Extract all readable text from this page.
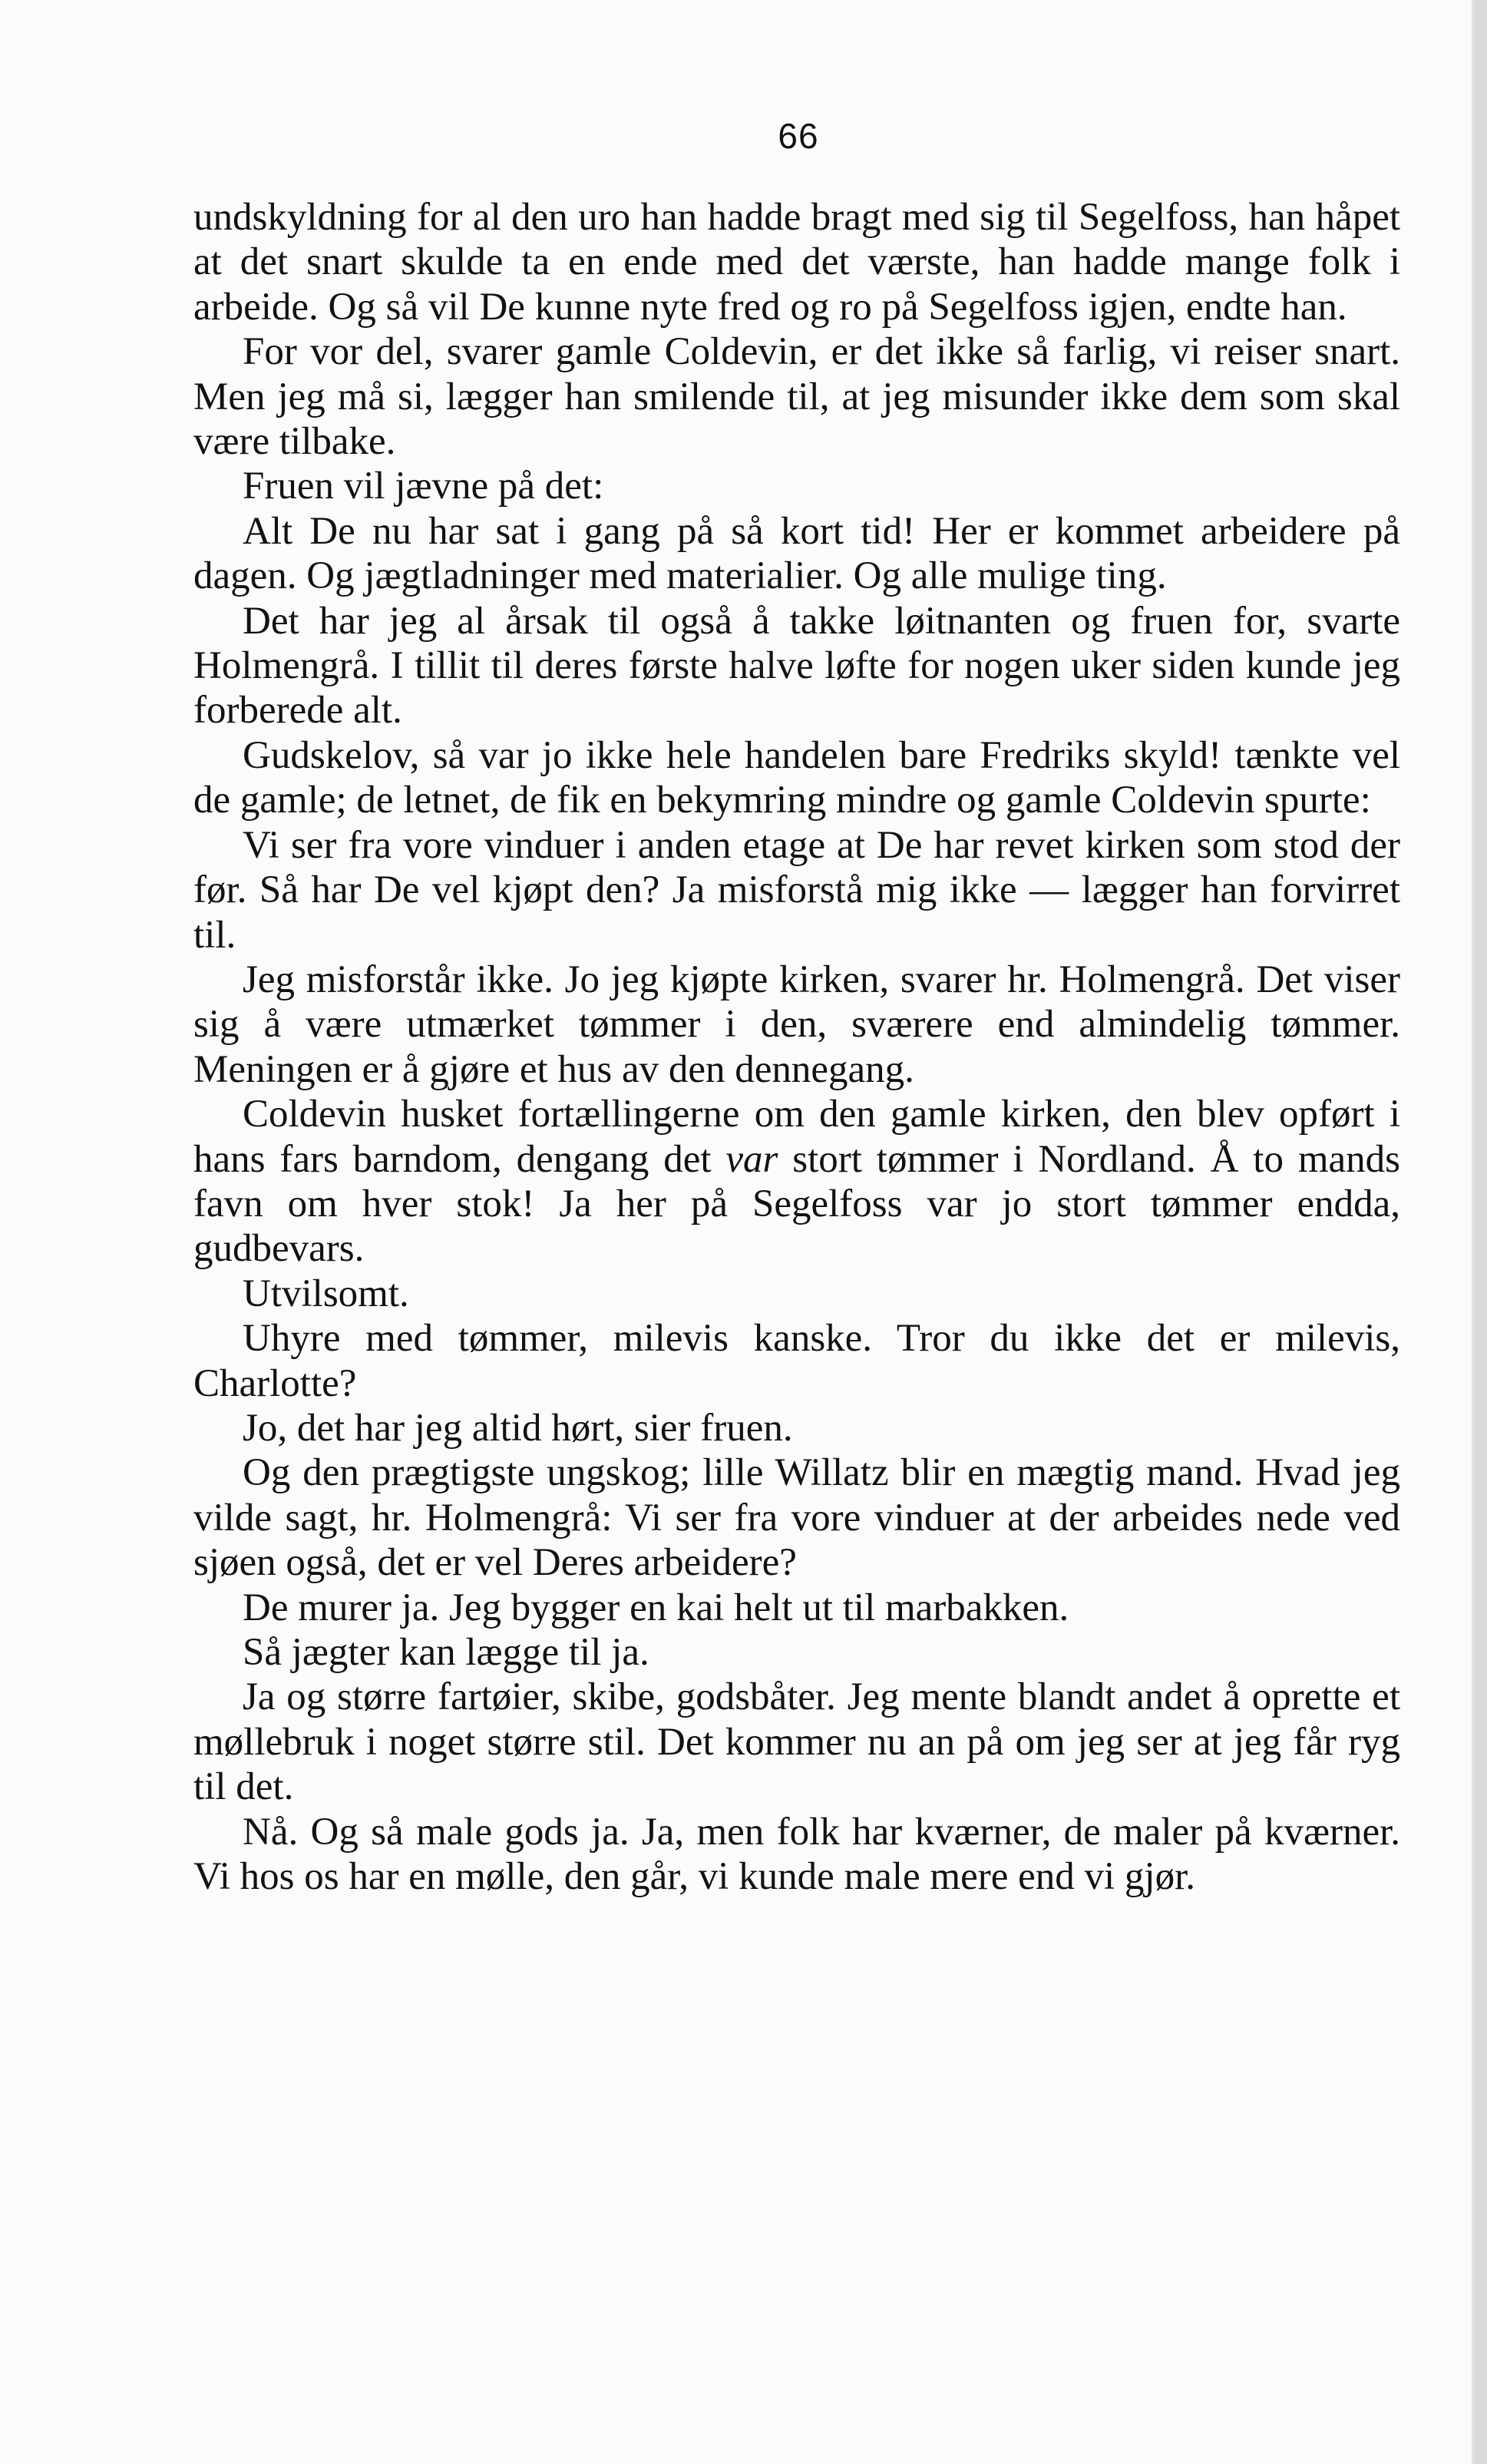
66

undskyldning for al den uro han hadde bragt med sig til Segelfoss, han håpet at det snart skulde ta en ende med det værste, han hadde mange folk i arbeide. Og så vil De kunne nyte fred og ro på Segelfoss igjen, endte han.

For vor del, svarer gamle Coldevin, er det ikke så farlig, vi reiser snart. Men jeg må si, lægger han smilende til, at jeg misunder ikke dem som skal være tilbake.

Fruen vil jævne på det:

Alt De nu har sat i gang på så kort tid! Her er kommet arbeidere på dagen. Og jægtladninger med materialier. Og alle mulige ting.

Det har jeg al årsak til også å takke løitnanten og fruen for, svarte Holmengrå. I tillit til deres første halve løfte for nogen uker siden kunde jeg forberede alt.

Gudskelov, så var jo ikke hele handelen bare Fredriks skyld! tænkte vel de gamle; de letnet, de fik en bekymring mindre og gamle Coldevin spurte:

Vi ser fra vore vinduer i anden etage at De har revet kirken som stod der før. Så har De vel kjøpt den? Ja misforstå mig ikke — lægger han forvirret til.

Jeg misforstår ikke. Jo jeg kjøpte kirken, svarer hr. Holmengrå. Det viser sig å være utmærket tømmer i den, sværere end almindelig tømmer. Meningen er å gjøre et hus av den dennegang.

Coldevin husket fortællingerne om den gamle kirken, den blev opført i hans fars barndom, dengang det var stort tømmer i Nordland. Å to mands favn om hver stok! Ja her på Segelfoss var jo stort tømmer endda, gudbevars.

Utvilsomt.

Uhyre med tømmer, milevis kanske. Tror du ikke det er milevis, Charlotte?

Jo, det har jeg altid hørt, sier fruen.

Og den prægtigste ungskog; lille Willatz blir en mægtig mand. Hvad jeg vilde sagt, hr. Holmengrå: Vi ser fra vore vinduer at der arbeides nede ved sjøen også, det er vel Deres arbeidere?

De murer ja. Jeg bygger en kai helt ut til marbakken.

Så jægter kan lægge til ja.

Ja og større fartøier, skibe, godsbåter. Jeg mente blandt andet å oprette et møllebruk i noget større stil. Det kommer nu an på om jeg ser at jeg får ryg til det.

Nå. Og så male gods ja. Ja, men folk har kværner, de maler på kværner. Vi hos os har en mølle, den går, vi kunde male mere end vi gjør.
